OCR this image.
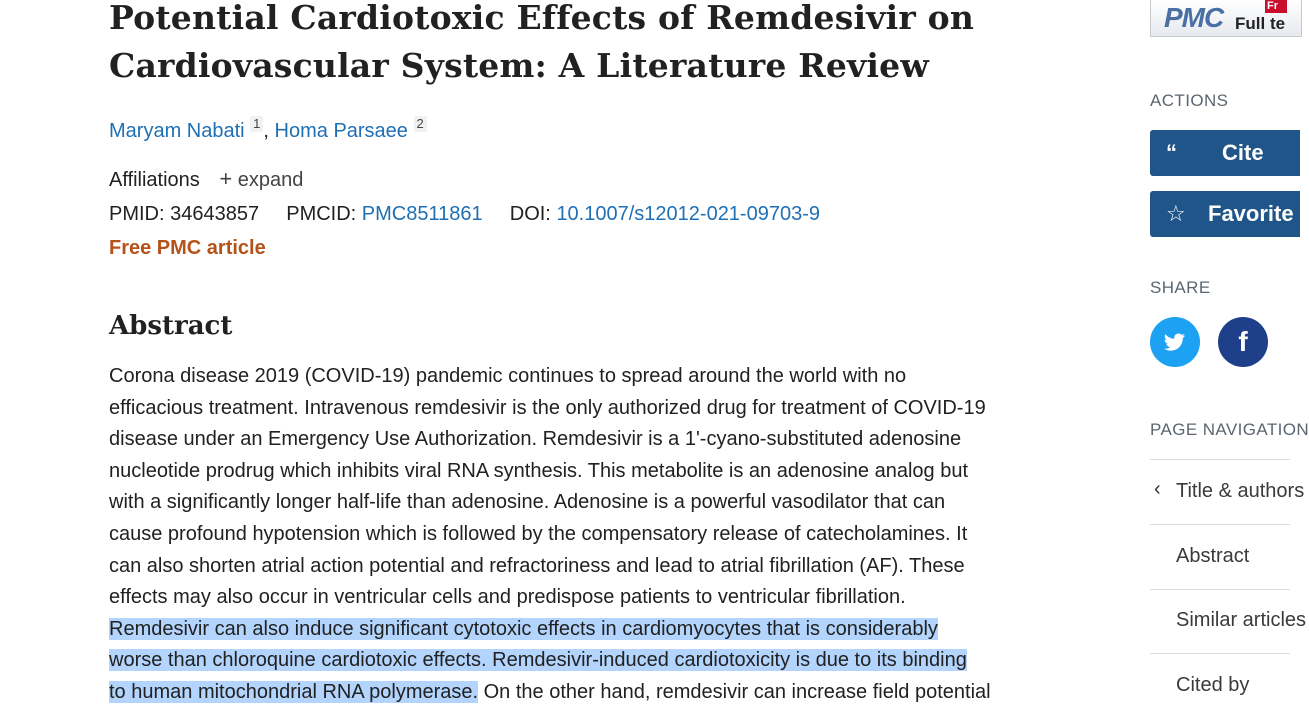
Potential Cardiotoxic Effects of Remdesivir on
Cardiovascular System: A Literature Review
Maryam Nabati 1 , Homa Parsaee 2
Affiliations + expand
PMID: 34643857 PMCID: PMC8511861 DOI: 10.1007/s12012-021-09703-9
Free PMC article
Abstract
Corona disease 2019 (COVID-19) pandemic continues to spread around the world with no
efficacious treatment. Intravenous remdesivir is the only authorized drug for treatment of COVID-19
disease under an Emergency Use Authorization. Remdesivir is a 1'-cyano-substituted adenosine
nucleotide prodrug which inhibits viral RNA synthesis. This metabolite is an adenosine analog but
with a significantly longer half-life than adenosine. Adenosine is a powerful vasodilator that can
cause profound hypotension which is followed by the compensatory release of catecholamines. It
can also shorten atrial action potential and refractoriness and lead to atrial fibrillation (AF). These
effects may also occur in ventricular cells and predispose patients to ventricular fibrillation.
Remdesivir can also induce significant cytotoxic effects in cardiomyocytes that is considerably
worse than chloroquine cardiotoxic effects. Remdesivir-induced cardiotoxicity is due to its binding
to human mitochondrial RNA polymerase. On the other hand, remdesivir can increase field potential
PMC Full te
Fr
ACTIONS
“ Cite
☆ Favorite
SHARE
f
PAGE NAVIGATION
‹ Title & authors
Abstract
Similar articles
Cited by
